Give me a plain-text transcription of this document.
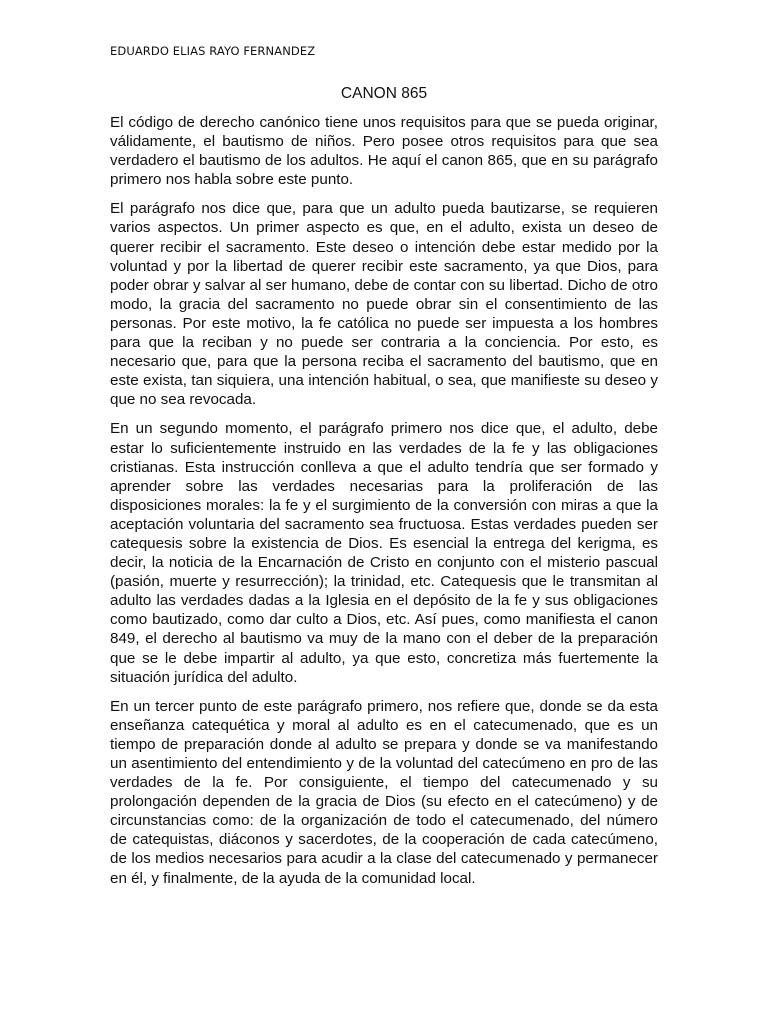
EDUARDO ELIAS RAYO FERNANDEZ
CANON 865

El código de derecho canónico tiene unos requisitos para que se pueda originar, válidamente, el bautismo de niños. Pero posee otros requisitos para que sea verdadero el bautismo de los adultos. He aquí el canon 865, que en su parágrafo primero nos habla sobre este punto.

El parágrafo nos dice que, para que un adulto pueda bautizarse, se requieren varios aspectos. Un primer aspecto es que, en el adulto, exista un deseo de querer recibir el sacramento. Este deseo o intención debe estar medido por la voluntad y por la libertad de querer recibir este sacramento, ya que Dios, para poder obrar y salvar al ser humano, debe de contar con su libertad. Dicho de otro modo, la gracia del sacramento no puede obrar sin el consentimiento de las personas. Por este motivo, la fe católica no puede ser impuesta a los hombres para que la reciban y no puede ser contraria a la conciencia. Por esto, es necesario que, para que la persona reciba el sacramento del bautismo, que en este exista, tan siquiera, una intención habitual, o sea, que manifieste su deseo y que no sea revocada.

En un segundo momento, el parágrafo primero nos dice que, el adulto, debe estar lo suficientemente instruido en las verdades de la fe y las obligaciones cristianas. Esta instrucción conlleva a que el adulto tendría que ser formado y aprender sobre las verdades necesarias para la proliferación de las disposiciones morales: la fe y el surgimiento de la conversión con miras a que la aceptación voluntaria del sacramento sea fructuosa. Estas verdades pueden ser catequesis sobre la existencia de Dios. Es esencial la entrega del kerigma, es decir, la noticia de la Encarnación de Cristo en conjunto con el misterio pascual (pasión, muerte y resurrección); la trinidad, etc. Catequesis que le transmitan al adulto las verdades dadas a la Iglesia en el depósito de la fe y sus obligaciones como bautizado, como dar culto a Dios, etc. Así pues, como manifiesta el canon 849, el derecho al bautismo va muy de la mano con el deber de la preparación que se le debe impartir al adulto, ya que esto, concretiza más fuertemente la situación jurídica del adulto.

En un tercer punto de este parágrafo primero, nos refiere que, donde se da esta enseñanza catequética y moral al adulto es en el catecumenado, que es un tiempo de preparación donde al adulto se prepara y donde se va manifestando un asentimiento del entendimiento y de la voluntad del catecúmeno en pro de las verdades de la fe. Por consiguiente, el tiempo del catecumenado y su prolongación dependen de la gracia de Dios (su efecto en el catecúmeno) y de circunstancias como: de la organización de todo el catecumenado, del número de catequistas, diáconos y sacerdotes, de la cooperación de cada catecúmeno, de los medios necesarios para acudir a la clase del catecumenado y permanecer en él, y finalmente, de la ayuda de la comunidad local.
